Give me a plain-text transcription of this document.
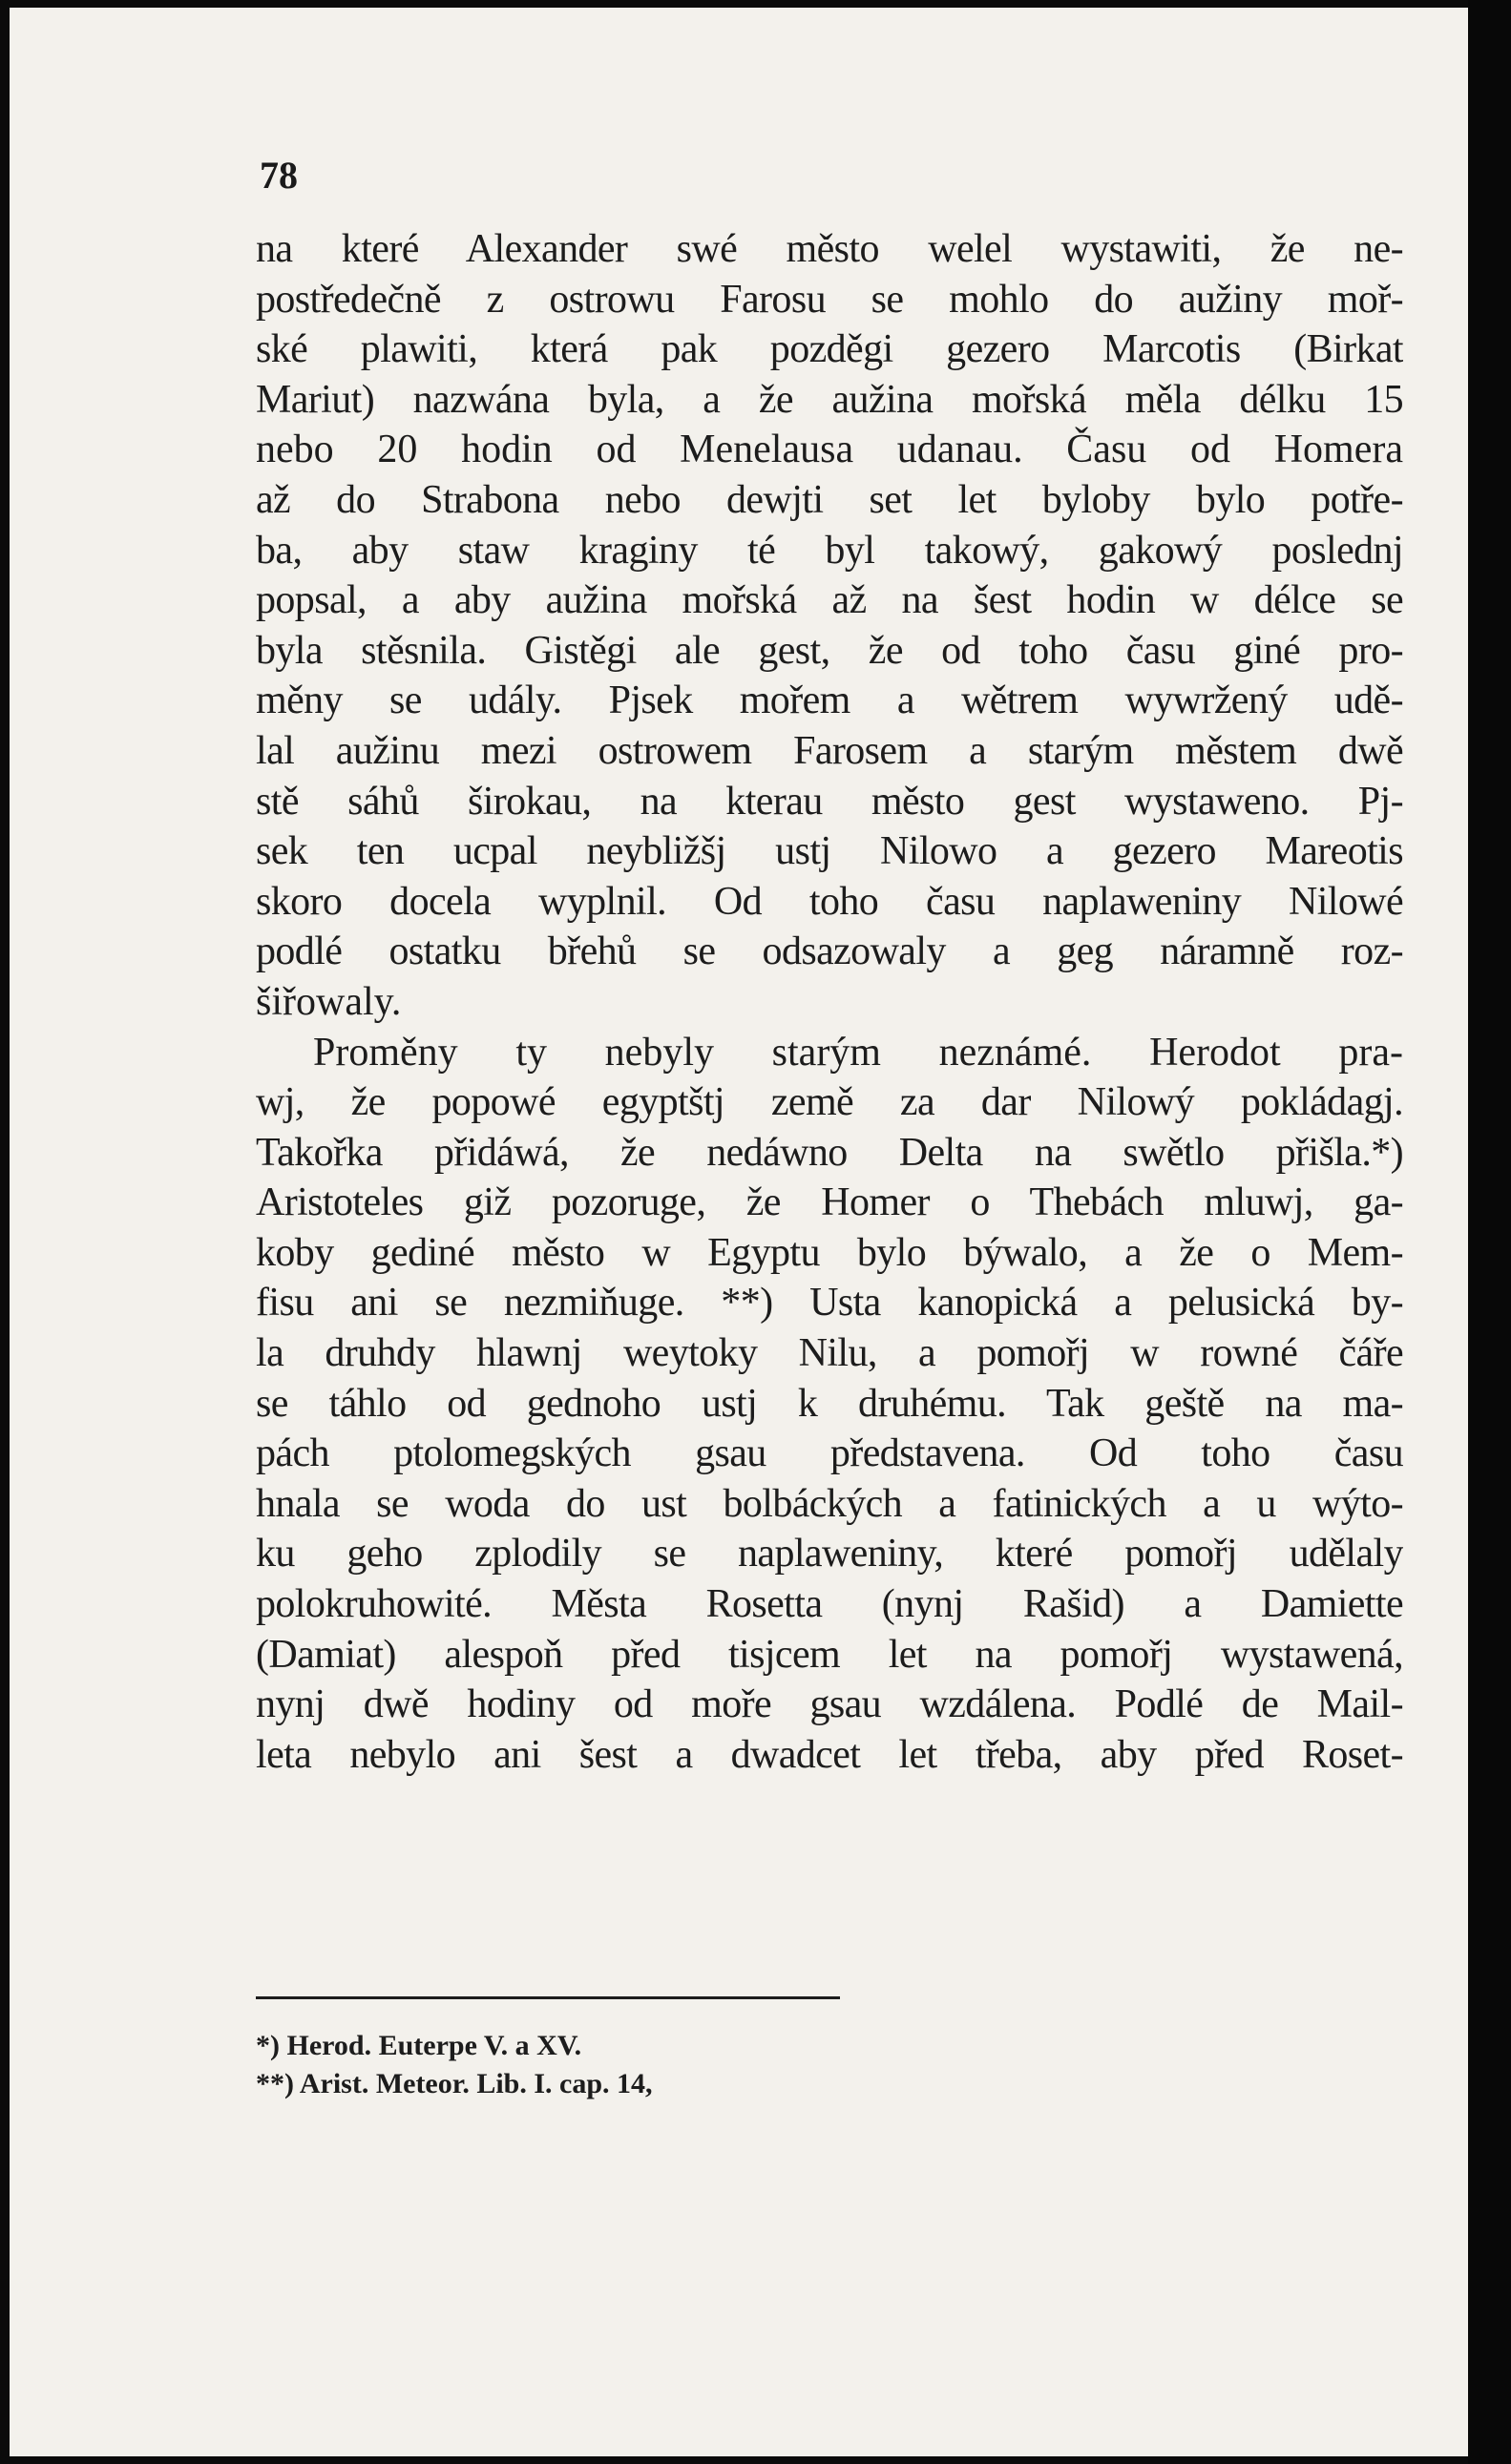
78
na které Alexander swé město welel wystawiti, že ne-
postředečně z ostrowu Farosu se mohlo do aužiny moř-
ské plawiti, která pak pozděgi gezero Marcotis (Birkat
Mariut) nazwána byla, a že aužina mořská měla délku 15
nebo 20 hodin od Menelausa udanau. Času od Homera
až do Strabona nebo dewjti set let byloby bylo potře-
ba, aby staw kraginy té byl takowý, gakowý poslednj
popsal, a aby aužina mořská až na šest hodin w délce se
byla stěsnila. Gistěgi ale gest, že od toho času giné pro-
měny se udály. Pjsek mořem a wětrem wywržený udě-
lal aužinu mezi ostrowem Farosem a starým městem dwě
stě sáhů širokau, na kterau město gest wystaweno. Pj-
sek ten ucpal neybližšj ustj Nilowo a gezero Mareotis
skoro docela wyplnil. Od toho času naplaweniny Nilowé
podlé ostatku břehů se odsazowaly a geg náramně roz-
šiřowaly.
Proměny ty nebyly starým neznámé. Herodot pra-
wj, že popowé egyptštj země za dar Nilowý pokládagj.
Takořka přidáwá, že nedáwno Delta na swětlo přišla.*)
Aristoteles giž pozoruge, že Homer o Thebách mluwj, ga-
koby gediné město w Egyptu bylo býwalo, a že o Mem-
fisu ani se nezmiňuge. **) Usta kanopická a pelusická by-
la druhdy hlawnj weytoky Nilu, a pomořj w rowné čáře
se táhlo od gednoho ustj k druhému. Tak geště na ma-
pách ptolomegských gsau představena. Od toho času
hnala se woda do ust bolbáckých a fatinických a u wýto-
ku geho zplodily se naplaweniny, které pomořj udělaly
polokruhowité. Města Rosetta (nynj Rašid) a Damiette
(Damiat) alespoň před tisjcem let na pomořj wystawená,
nynj dwě hodiny od moře gsau wzdálena. Podlé de Mail-
leta nebylo ani šest a dwadcet let třeba, aby před Roset-
*) Herod. Euterpe V. a XV.
**) Arist. Meteor. Lib. I. cap. 14,
